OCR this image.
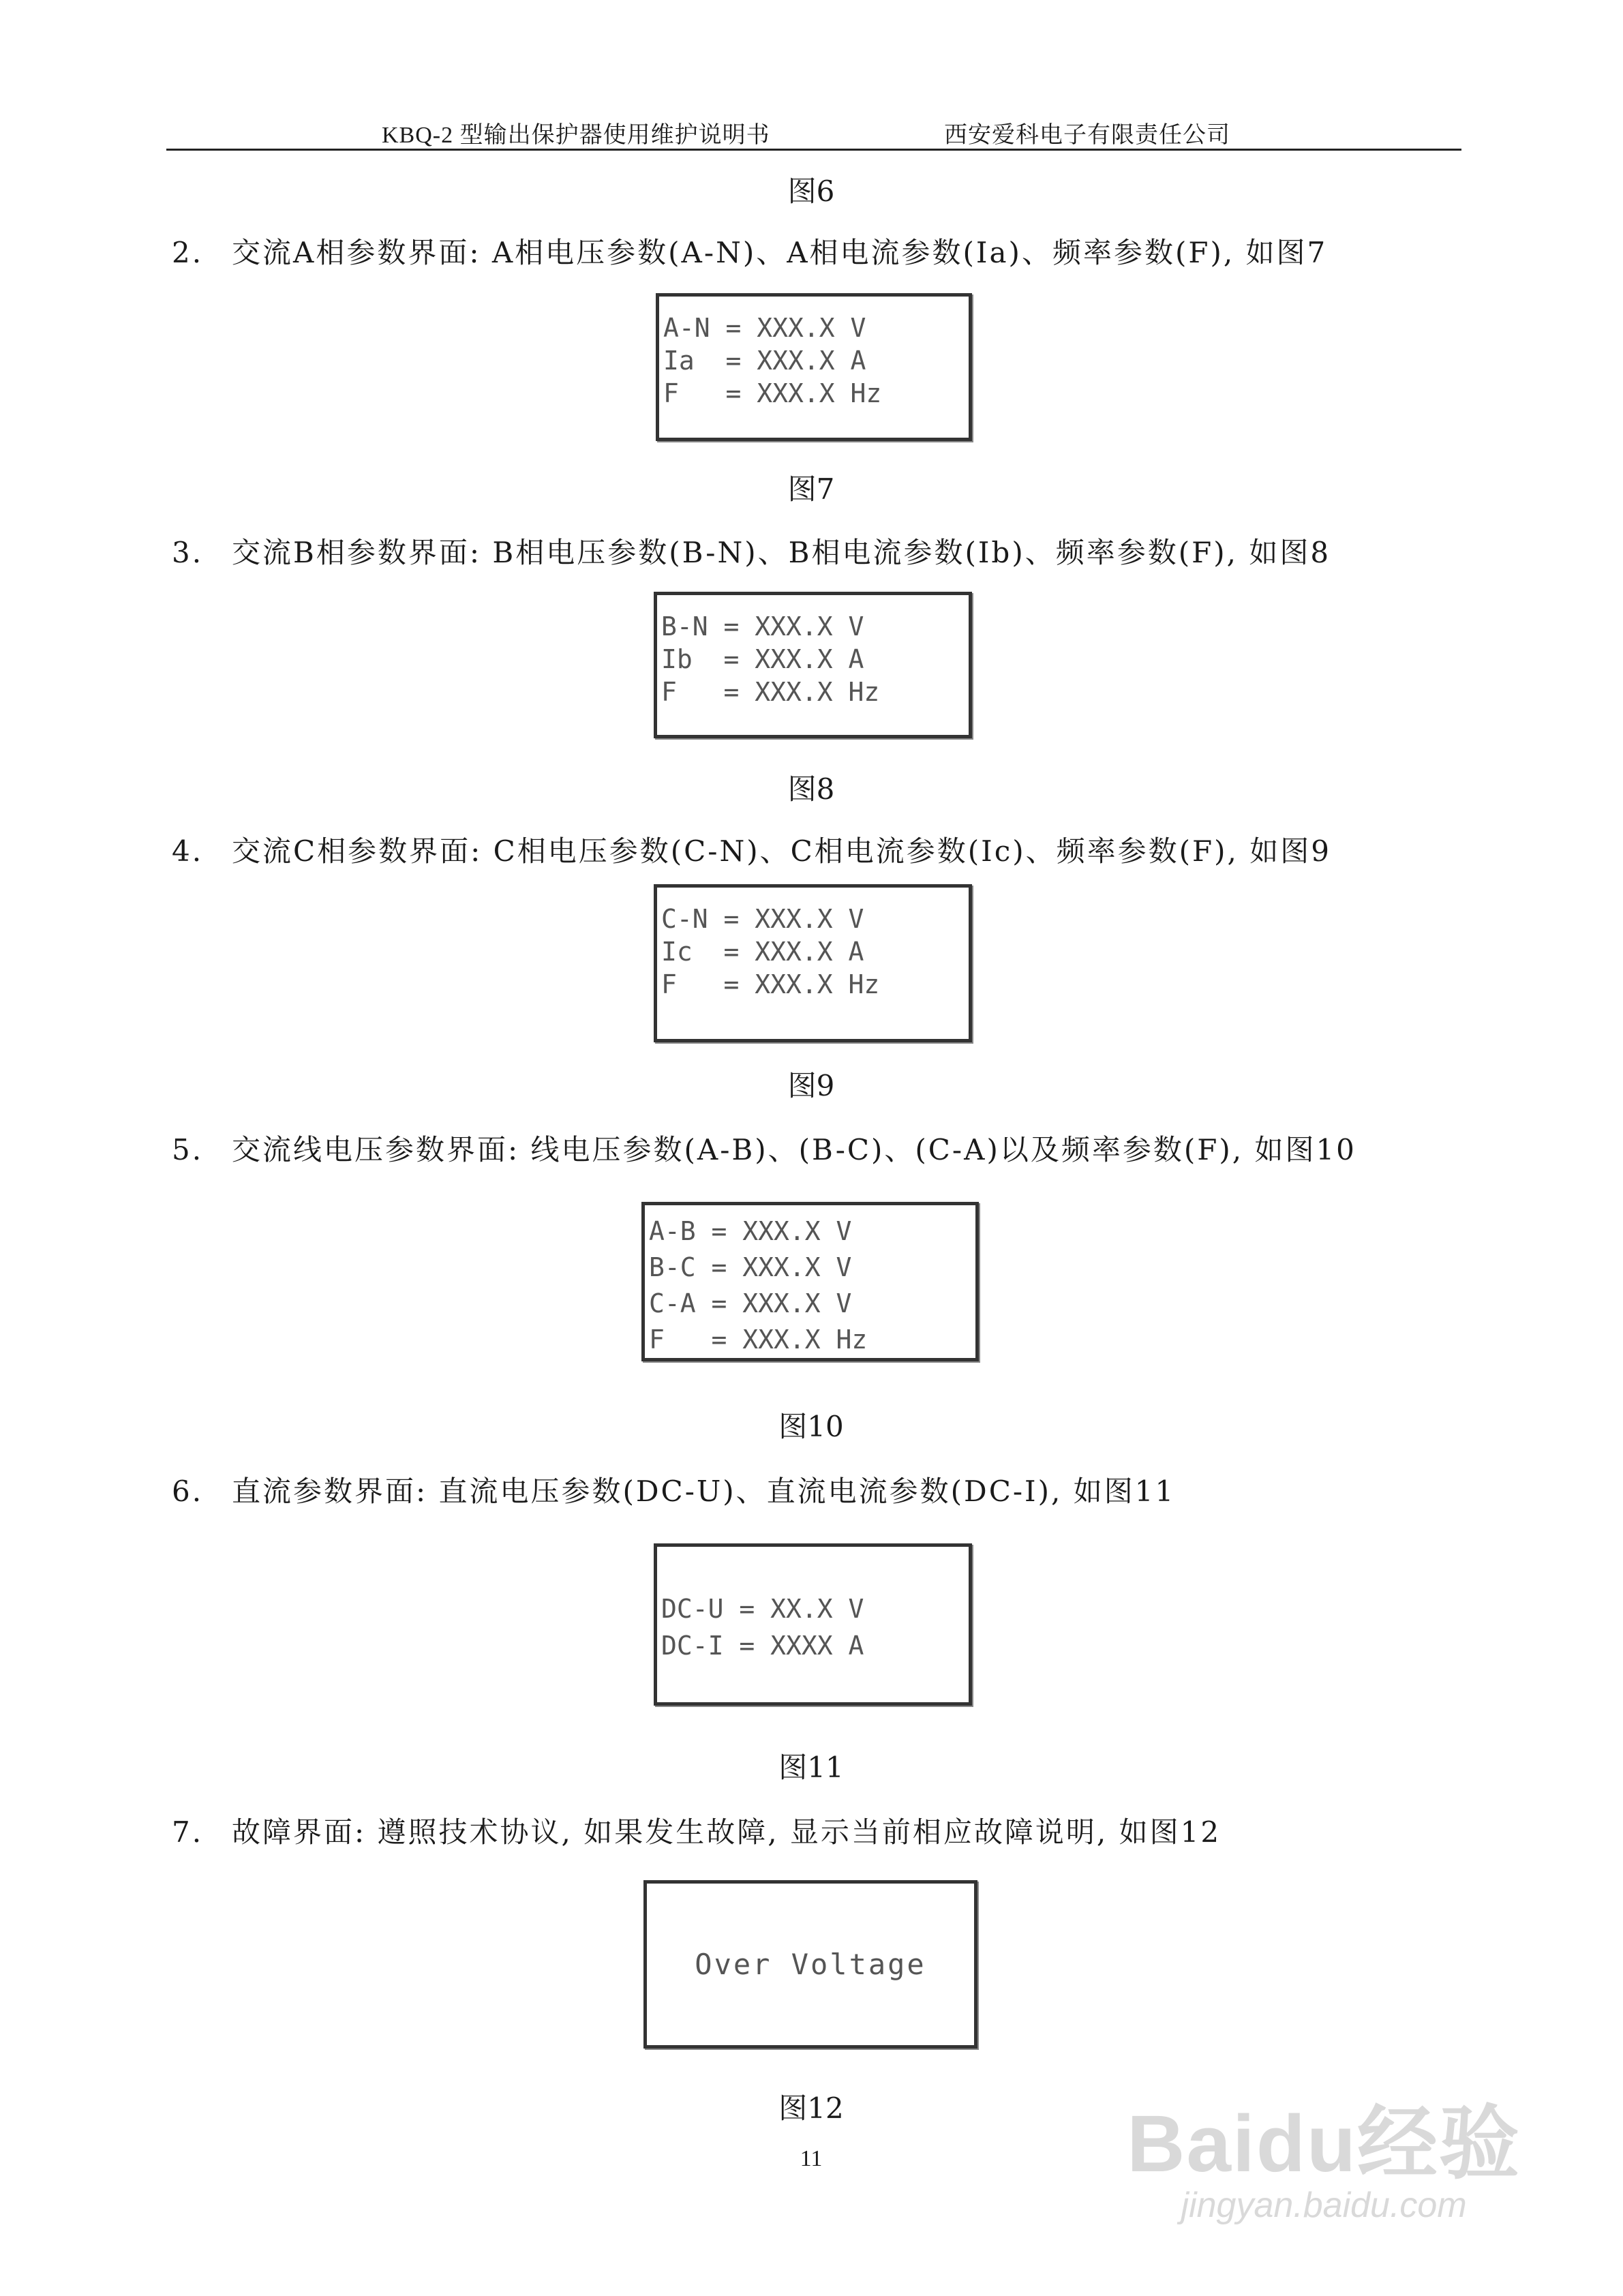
KBQ-2 型输出保护器使用维护说明书	西安爱科电子有限责任公司
图6
2. 交流A相参数界面: A相电压参数(A-N)、A相电流参数(Ia)、频率参数(F), 如图7
A-N = XXX.X V
Ia  = XXX.X A
F   = XXX.X Hz
图7
3. 交流B相参数界面: B相电压参数(B-N)、B相电流参数(Ib)、频率参数(F), 如图8
B-N = XXX.X V
Ib  = XXX.X A
F   = XXX.X Hz
图8
4. 交流C相参数界面: C相电压参数(C-N)、C相电流参数(Ic)、频率参数(F), 如图9
C-N = XXX.X V
Ic  = XXX.X A
F   = XXX.X Hz
图9
5. 交流线电压参数界面: 线电压参数(A-B)、(B-C)、(C-A)以及频率参数(F), 如图10
A-B = XXX.X V
B-C = XXX.X V
C-A = XXX.X V
F   = XXX.X Hz
图10
6. 直流参数界面: 直流电压参数(DC-U)、直流电流参数(DC-I), 如图11
DC-U = XX.X V
DC-I = XXXX A
图11
7. 故障界面: 遵照技术协议, 如果发生故障, 显示当前相应故障说明, 如图12
Over Voltage
图12
11	Baidu经验
jingyan.baidu.com
